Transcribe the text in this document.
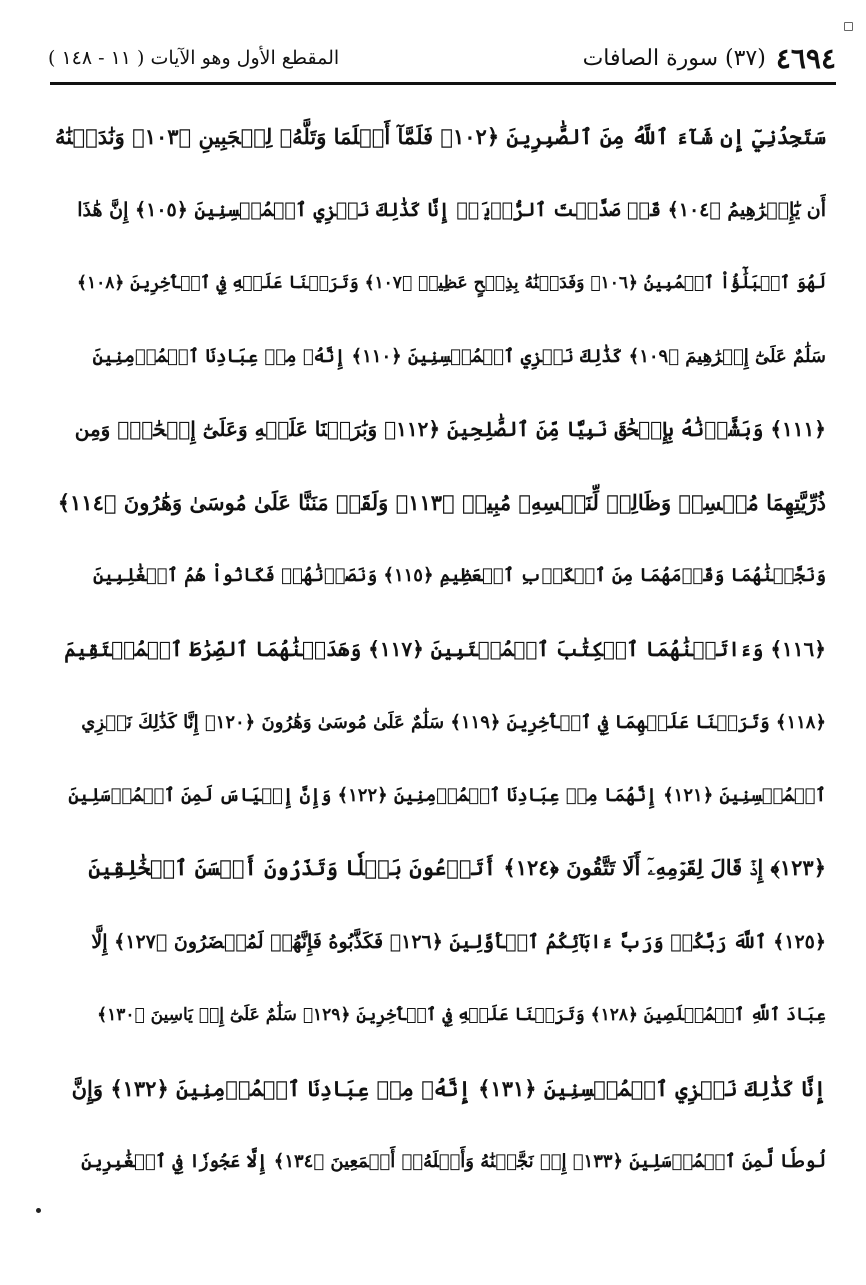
٤٦٩٤
(٣٧) سورة الصافات
المقطع الأول وهو الآيات ( ١١ - ١٤٨ )
سَتَجِدُنِيٓ إِن شَآءَ ٱللَّهُ مِنَ ٱلصَّٰبِرِينَ ﴿١٠٢﴾ فَلَمَّآ أَسۡلَمَا وَتَلَّهُۥ لِلۡجَبِينِ ﴿١٠٣﴾ وَنَٰدَيۡنَٰهُ
أَن يَٰٓإِبۡرَٰهِيمُ ﴿١٠٤﴾ قَدۡ صَدَّقۡتَ ٱلرُّءۡيَآۚ إِنَّا كَذَٰلِكَ نَجۡزِي ٱلۡمُحۡسِنِينَ ﴿١٠٥﴾ إِنَّ هَٰذَا
لَهُوَ ٱلۡبَلَٰٓؤُاْ ٱلۡمُبِينُ ﴿١٠٦﴾ وَفَدَيۡنَٰهُ بِذِبۡحٍ عَظِيمٖ ﴿١٠٧﴾ وَتَرَكۡنَا عَلَيۡهِ فِي ٱلۡأٓخِرِينَ ﴿١٠٨﴾
سَلَٰمٌ عَلَىٰٓ إِبۡرَٰهِيمَ ﴿١٠٩﴾ كَذَٰلِكَ نَجۡزِي ٱلۡمُحۡسِنِينَ ﴿١١٠﴾ إِنَّهُۥ مِنۡ عِبَادِنَا ٱلۡمُؤۡمِنِينَ
﴿١١١﴾ وَبَشَّرۡنَٰهُ بِإِسۡحَٰقَ نَبِيّٗا مِّنَ ٱلصَّٰلِحِينَ ﴿١١٢﴾ وَبَٰرَكۡنَا عَلَيۡهِ وَعَلَىٰٓ إِسۡحَٰقَۚ وَمِن
ذُرِّيَّتِهِمَا مُحۡسِنٞ وَظَالِمٞ لِّنَفۡسِهِۦ مُبِينٞ ﴿١١٣﴾ وَلَقَدۡ مَنَنَّا عَلَىٰ مُوسَىٰ وَهَٰرُونَ ﴿١١٤﴾
وَنَجَّيۡنَٰهُمَا وَقَوۡمَهُمَا مِنَ ٱلۡكَرۡبِ ٱلۡعَظِيمِ ﴿١١٥﴾ وَنَصَرۡنَٰهُمۡ فَكَانُواْ هُمُ ٱلۡغَٰلِبِينَ
﴿١١٦﴾ وَءَاتَيۡنَٰهُمَا ٱلۡكِتَٰبَ ٱلۡمُسۡتَبِينَ ﴿١١٧﴾ وَهَدَيۡنَٰهُمَا ٱلصِّرَٰطَ ٱلۡمُسۡتَقِيمَ
﴿١١٨﴾ وَتَرَكۡنَا عَلَيۡهِمَا فِي ٱلۡأٓخِرِينَ ﴿١١٩﴾ سَلَٰمٌ عَلَىٰ مُوسَىٰ وَهَٰرُونَ ﴿١٢٠﴾ إِنَّا كَذَٰلِكَ نَجۡزِي
ٱلۡمُحۡسِنِينَ ﴿١٢١﴾ إِنَّهُمَا مِنۡ عِبَادِنَا ٱلۡمُؤۡمِنِينَ ﴿١٢٢﴾ وَإِنَّ إِلۡيَاسَ لَمِنَ ٱلۡمُرۡسَلِينَ
﴿١٢٣﴾ إِذۡ قَالَ لِقَوۡمِهِۦٓ أَلَا تَتَّقُونَ ﴿١٢٤﴾ أَتَدۡعُونَ بَعۡلٗا وَتَذَرُونَ أَحۡسَنَ ٱلۡخَٰلِقِينَ
﴿١٢٥﴾ ٱللَّهَ رَبَّكُمۡ وَرَبَّ ءَابَآئِكُمُ ٱلۡأَوَّلِينَ ﴿١٢٦﴾ فَكَذَّبُوهُ فَإِنَّهُمۡ لَمُحۡضَرُونَ ﴿١٢٧﴾ إِلَّا
عِبَادَ ٱللَّهِ ٱلۡمُخۡلَصِينَ ﴿١٢٨﴾ وَتَرَكۡنَا عَلَيۡهِ فِي ٱلۡأٓخِرِينَ ﴿١٢٩﴾ سَلَٰمٌ عَلَىٰٓ إِلۡ يَاسِينَ ﴿١٣٠﴾
إِنَّا كَذَٰلِكَ نَجۡزِي ٱلۡمُحۡسِنِينَ ﴿١٣١﴾ إِنَّهُۥ مِنۡ عِبَادِنَا ٱلۡمُؤۡمِنِينَ ﴿١٣٢﴾ وَإِنَّ
لُوطٗا لَّمِنَ ٱلۡمُرۡسَلِينَ ﴿١٣٣﴾ إِذۡ نَجَّيۡنَٰهُ وَأَهۡلَهُۥٓ أَجۡمَعِينَ ﴿١٣٤﴾ إِلَّا عَجُوزٗا فِي ٱلۡغَٰبِرِينَ
